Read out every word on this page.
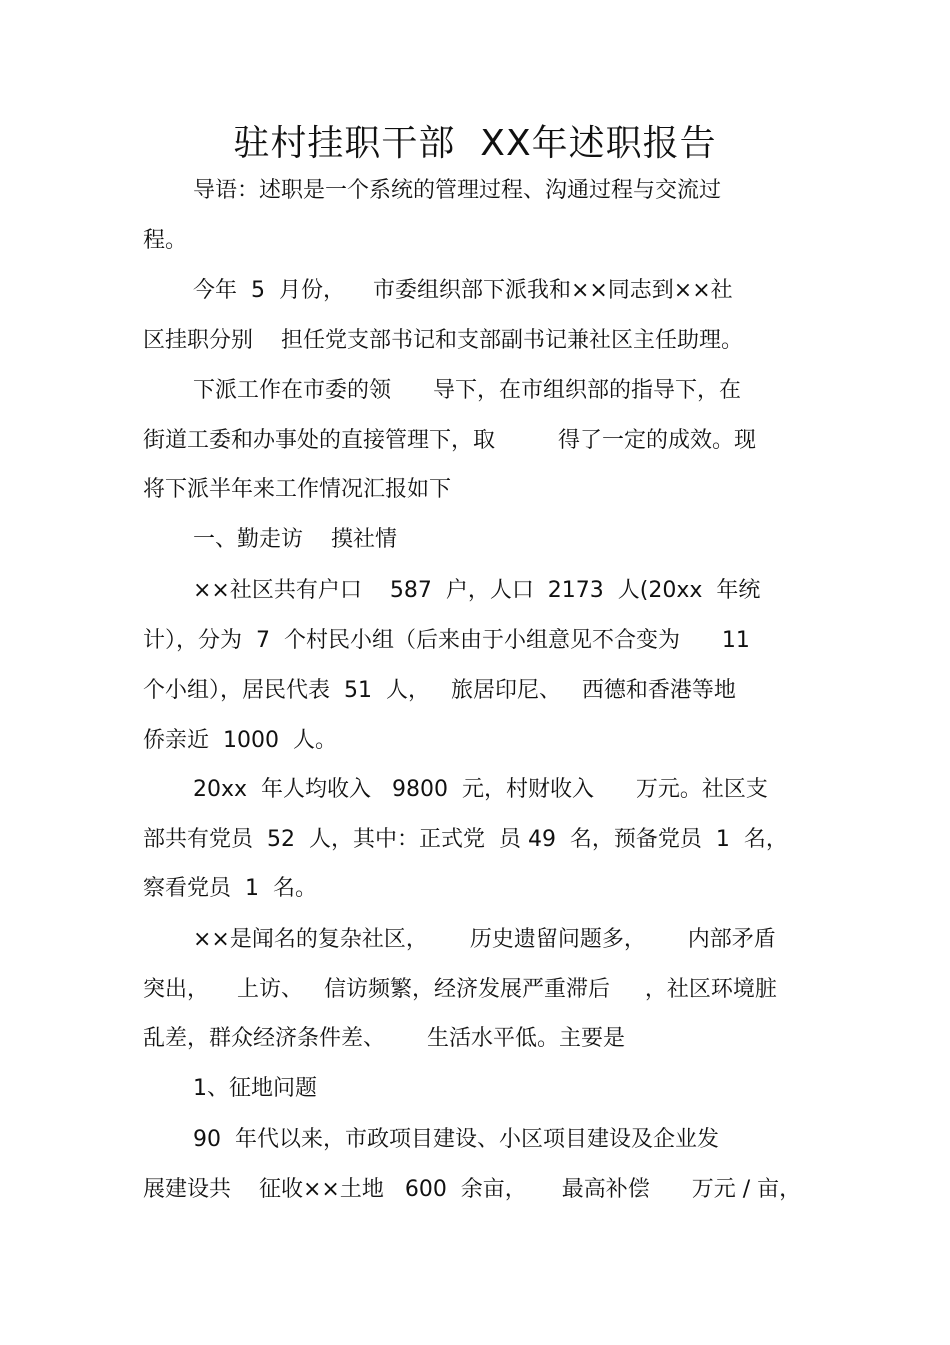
驻村挂职干部  XX年述职报告
导语：述职是一个系统的管理过程、沟通过程与交流过
程。
今年  5  月份，    市委组织部下派我和××同志到××社
区挂职分别    担任党支部书记和支部副书记兼社区主任助理。
下派工作在市委的领      导下，在市组织部的指导下，在
街道工委和办事处的直接管理下，取         得了一定的成效。现
将下派半年来工作情况汇报如下
一、勤走访    摸社情
××社区共有户口    587  户，人口  2173  人(20xx  年统
计），分为  7  个村民小组（后来由于小组意见不合变为      11
个小组），居民代表  51  人，   旅居印尼、   西德和香港等地
侨亲近  1000  人。
20xx  年人均收入   9800  元，村财收入      万元。社区支
部共有党员  52  人，其中：正式党  员 49  名，预备党员  1  名，
察看党员  1  名。
××是闻名的复杂社区，      历史遗留问题多，      内部矛盾
突出，    上访、   信访频繁，经济发展严重滞后     ，社区环境脏
乱差，群众经济条件差、      生活水平低。主要是
1、征地问题
90  年代以来，市政项目建设、小区项目建设及企业发
展建设共    征收××土地   600  余亩，     最高补偿      万元 / 亩，
